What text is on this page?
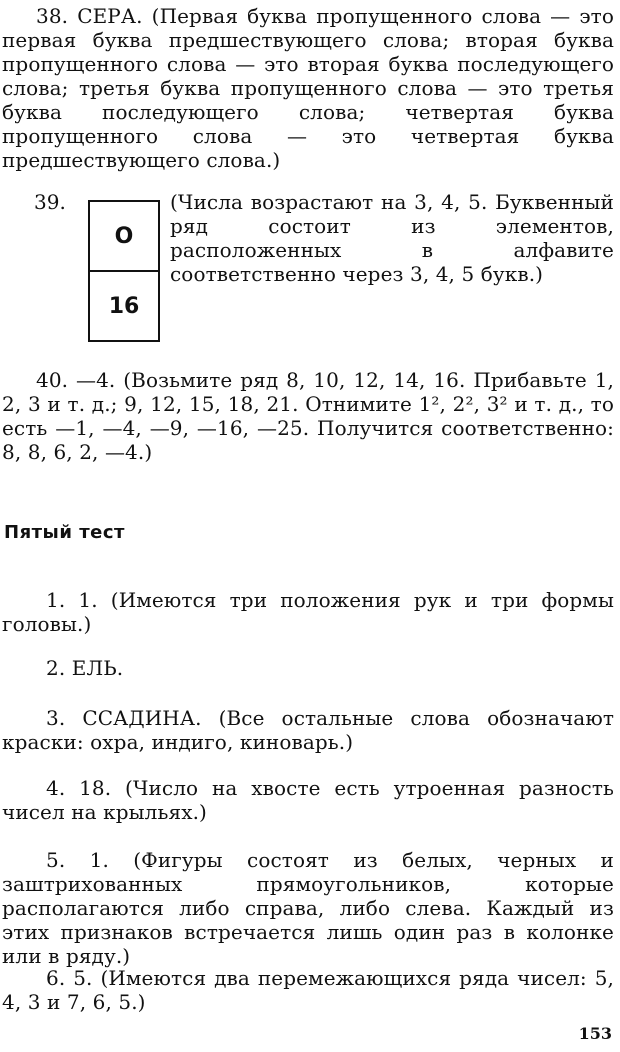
38. СЕРА. (Первая буква пропущенного слова — это первая буква предшествующего слова; вторая буква пропущенного слова — это вторая буква последующего слова; третья буква пропущенного слова — это третья буква последующего слова; четвертая буква пропущенного слова — это четвертая буква предшествующего слова.)
39.
О
16
(Числа возрастают на 3, 4, 5. Буквенный ряд состоит из элементов, расположенных в алфавите соответственно через 3, 4, 5 букв.)
40. —4. (Возьмите ряд 8, 10, 12, 14, 16. Прибавьте 1, 2, 3 и т. д.; 9, 12, 15, 18, 21. Отнимите 1², 2², 3² и т. д., то есть —1, —4, —9, —16, —25. Получится соответственно: 8, 8, 6, 2, —4.)
Пятый тест
1. 1. (Имеются три положения рук и три формы головы.)
2. ЕЛЬ.
3. ССАДИНА. (Все остальные слова обозначают краски: охра, индиго, киноварь.)
4. 18. (Число на хвосте есть утроенная разность чисел на крыльях.)
5. 1. (Фигуры состоят из белых, черных и заштрихованных прямоугольников, которые располагаются либо справа, либо слева. Каждый из этих признаков встречается лишь один раз в колонке или в ряду.)
6. 5. (Имеются два перемежающихся ряда чисел: 5, 4, 3 и 7, 6, 5.)
153
